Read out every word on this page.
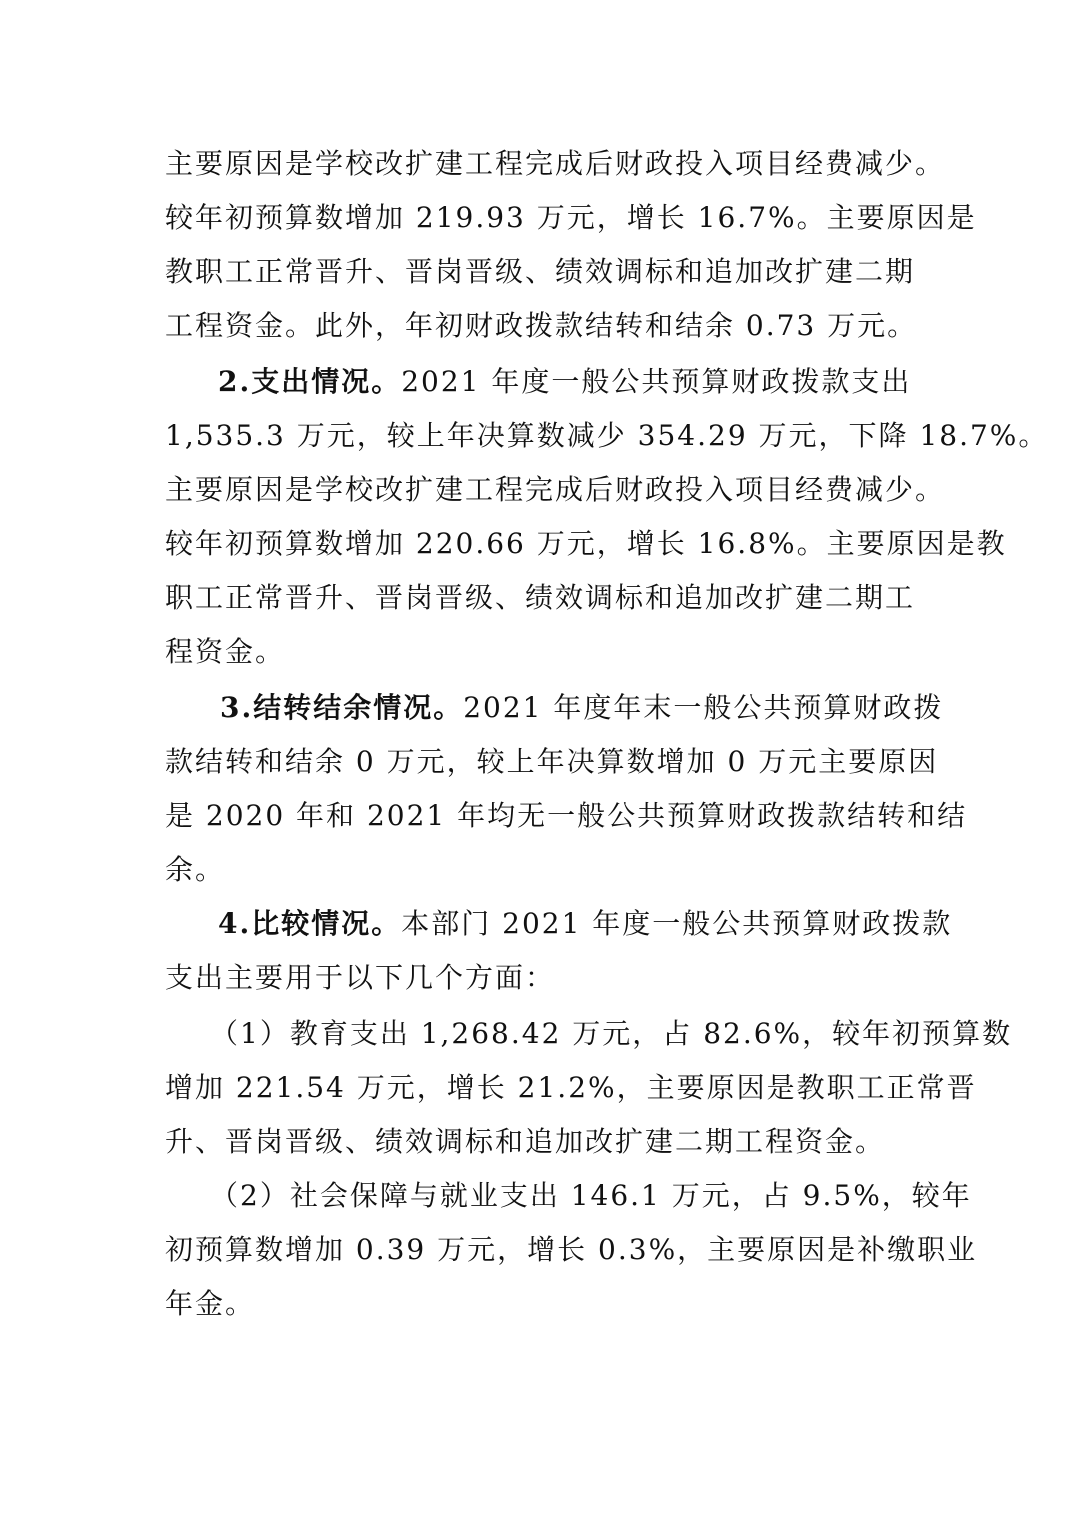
主要原因是学校改扩建工程完成后财政投入项目经费减少。
较年初预算数增加 219.93 万元，增长 16.7%。主要原因是
教职工正常晋升、晋岗晋级、绩效调标和追加改扩建二期
工程资金。此外，年初财政拨款结转和结余 0.73 万元。
2.支出情况。2021 年度一般公共预算财政拨款支出
1,535.3 万元，较上年决算数减少 354.29 万元，下降 18.7%。
主要原因是学校改扩建工程完成后财政投入项目经费减少。
较年初预算数增加 220.66 万元，增长 16.8%。主要原因是教
职工正常晋升、晋岗晋级、绩效调标和追加改扩建二期工
程资金。
3.结转结余情况。2021 年度年末一般公共预算财政拨
款结转和结余 0 万元，较上年决算数增加 0 万元主要原因
是 2020 年和 2021 年均无一般公共预算财政拨款结转和结
余。
4.比较情况。本部门 2021 年度一般公共预算财政拨款
支出主要用于以下几个方面：
（1）教育支出 1,268.42 万元，占 82.6%，较年初预算数
增加 221.54 万元，增长 21.2%，主要原因是教职工正常晋
升、晋岗晋级、绩效调标和追加改扩建二期工程资金。
（2）社会保障与就业支出 146.1 万元，占 9.5%，较年
初预算数增加 0.39 万元，增长 0.3%，主要原因是补缴职业
年金。
